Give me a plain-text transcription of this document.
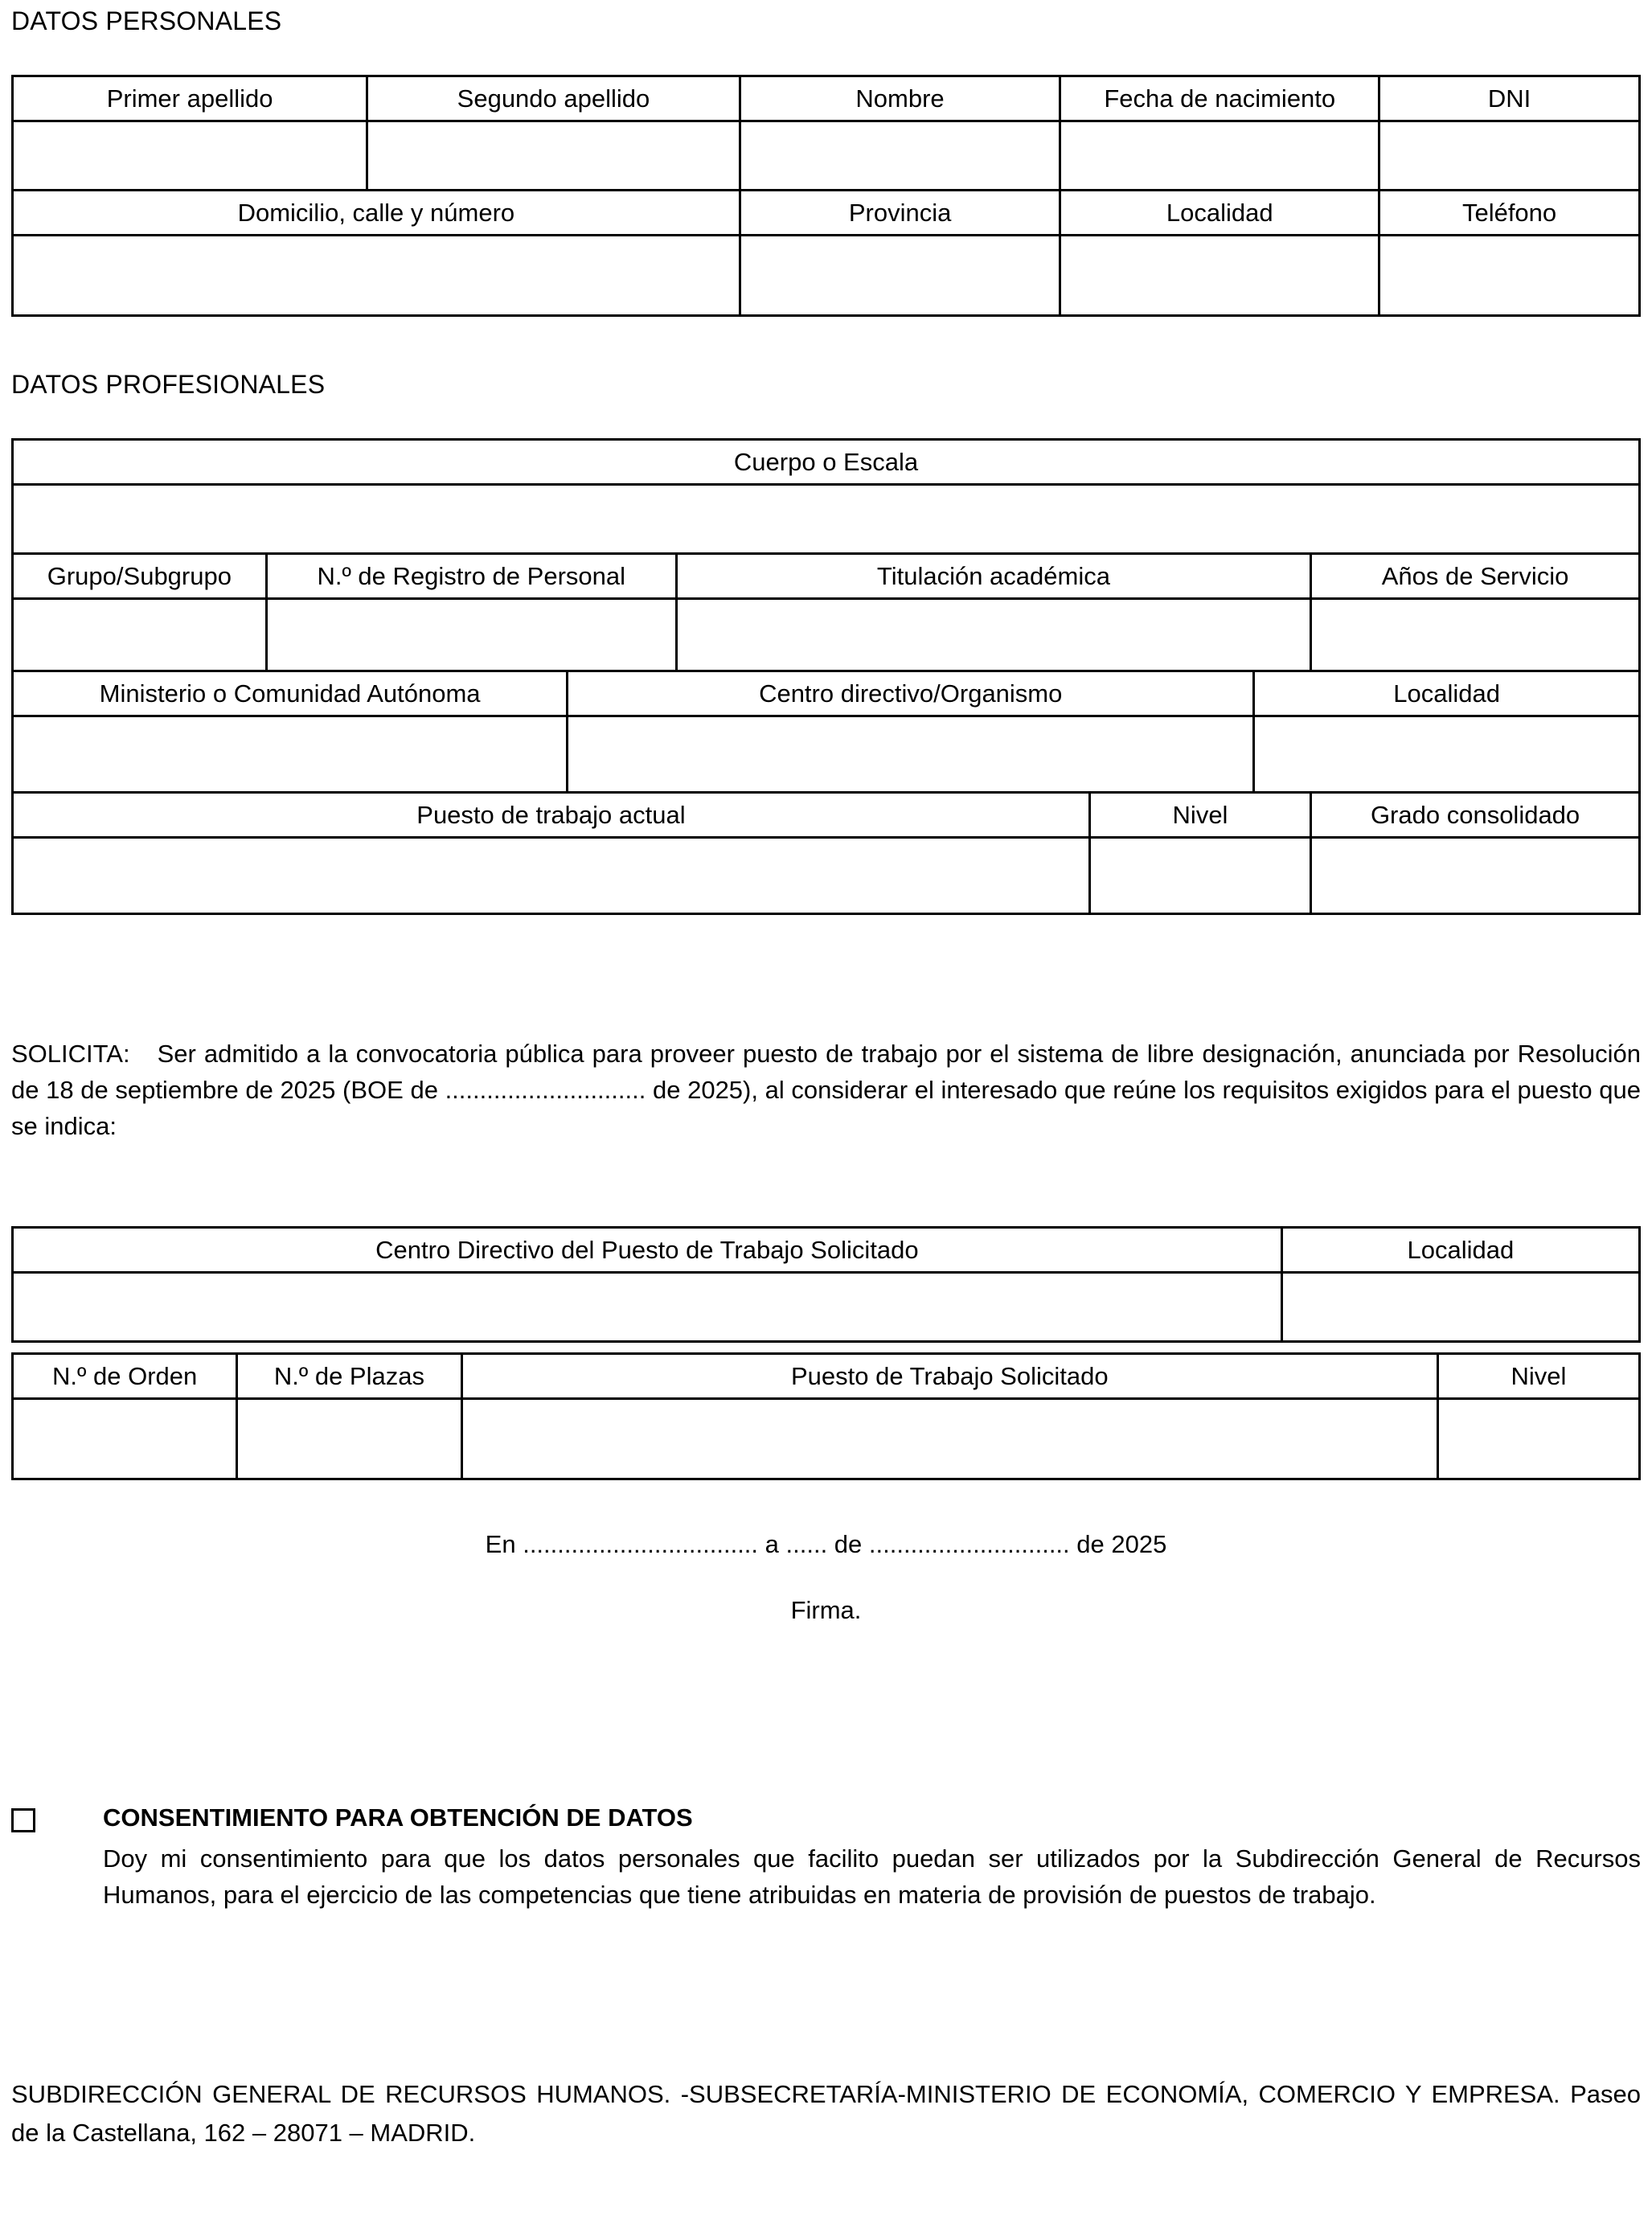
DATOS PERSONALES
Primer apellido	Segundo apellido	Nombre	Fecha de nacimiento	DNI
Domicilio, calle y número	Provincia	Localidad	Teléfono
DATOS PROFESIONALES
Cuerpo o Escala
Grupo/Subgrupo	N.º de Registro de Personal	Titulación académica	Años de Servicio
Ministerio o Comunidad Autónoma	Centro directivo/Organismo	Localidad
Puesto de trabajo actual	Nivel	Grado consolidado

SOLICITA: Ser admitido a la convocatoria pública para proveer puesto de trabajo por el sistema de libre designación, anunciada por Resolución de 18 de septiembre de 2025 (BOE de ............................. de 2025), al considerar el interesado que reúne los requisitos exigidos para el puesto que se indica:

Centro Directivo del Puesto de Trabajo Solicitado	Localidad
N.º de Orden	N.º de Plazas	Puesto de Trabajo Solicitado	Nivel
En .................................. a ...... de ............................. de 2025
Firma.
CONSENTIMIENTO PARA OBTENCIÓN DE DATOS
Doy mi consentimiento para que los datos personales que facilito puedan ser utilizados por la Subdirección General de Recursos Humanos, para el ejercicio de las competencias que tiene atribuidas en materia de provisión de puestos de trabajo.
SUBDIRECCIÓN GENERAL DE RECURSOS HUMANOS. -SUBSECRETARÍA-MINISTERIO DE ECONOMÍA, COMERCIO Y EMPRESA. Paseo de la Castellana, 162 – 28071 – MADRID.
